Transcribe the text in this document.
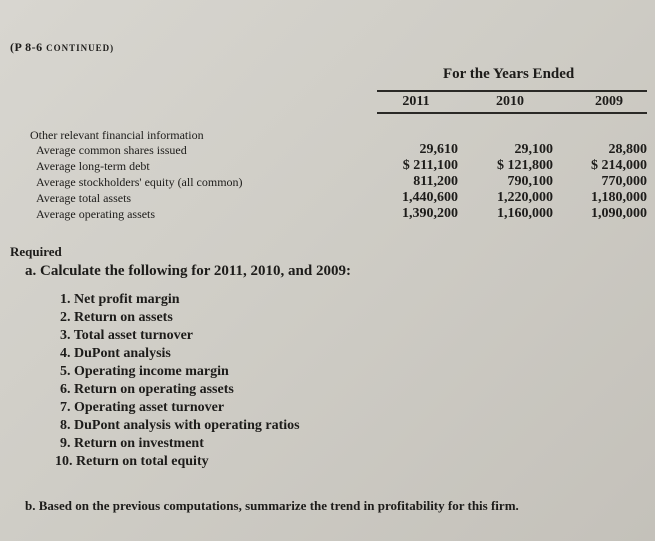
(P 8-6 CONTINUED)
For the Years Ended
2011	2010	2009
Other relevant financial information
Average common shares issued	29,610	29,100	28,800
Average long-term debt	$ 211,100	$ 121,800	$ 214,000
Average stockholders' equity (all common)	811,200	790,100	770,000
Average total assets	1,440,600	1,220,000	1,180,000
Average operating assets	1,390,200	1,160,000	1,090,000
Required
a. Calculate the following for 2011, 2010, and 2009:
1. Net profit margin
2. Return on assets
3. Total asset turnover
4. DuPont analysis
5. Operating income margin
6. Return on operating assets
7. Operating asset turnover
8. DuPont analysis with operating ratios
9. Return on investment
10. Return on total equity
b. Based on the previous computations, summarize the trend in profitability for this firm.
